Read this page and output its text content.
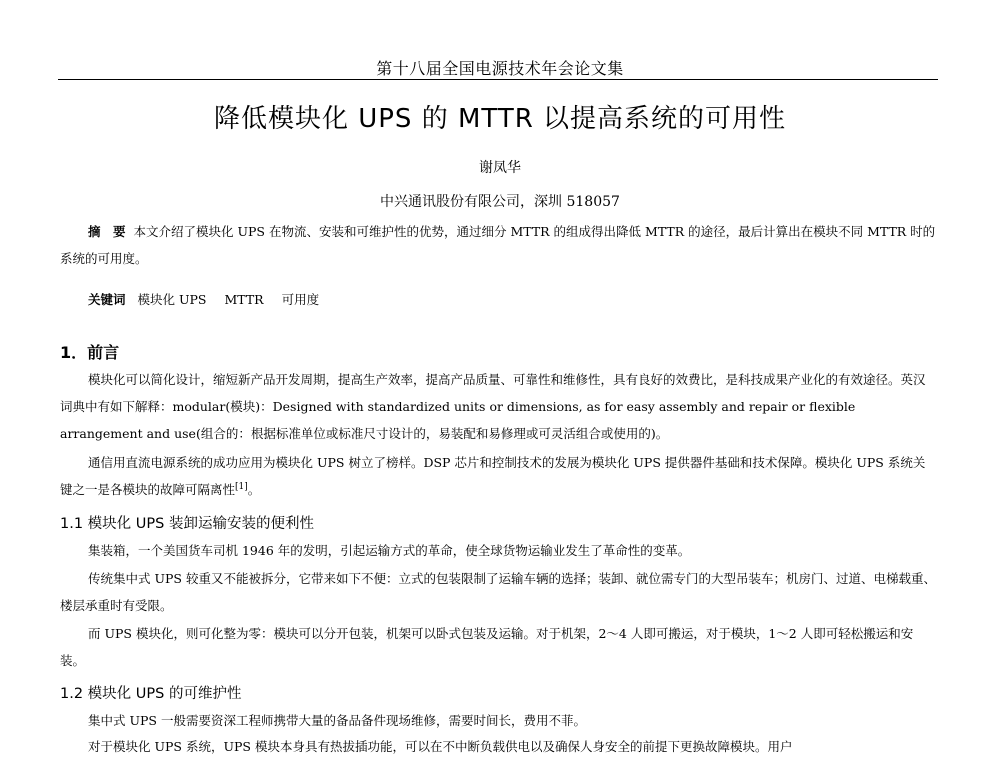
第十八届全国电源技术年会论文集
降低模块化 UPS 的 MTTR 以提高系统的可用性
谢凤华
中兴通讯股份有限公司，深圳 518057

摘　要 本文介绍了模块化 UPS 在物流、安装和可维护性的优势，通过细分 MTTR 的组成得出降低 MTTR 的途径，最后计算出在模块不同 MTTR 时的系统的可用度。

关键词 模块化 UPS MTTR 可用度

1．前言

模块化可以简化设计，缩短新产品开发周期，提高生产效率，提高产品质量、可靠性和维修性，具有良好的效费比，是科技成果产业化的有效途径。英汉词典中有如下解释：modular(模块)：Designed with standardized units or dimensions, as for easy assembly and repair or flexible arrangement and use(组合的：根据标准单位或标准尺寸设计的，易装配和易修理或可灵活组合或使用的)。

通信用直流电源系统的成功应用为模块化 UPS 树立了榜样。DSP 芯片和控制技术的发展为模块化 UPS 提供器件基础和技术保障。模块化 UPS 系统关键之一是各模块的故障可隔离性[1]。

1.1 模块化 UPS 装卸运输安装的便利性

集装箱，一个美国货车司机 1946 年的发明，引起运输方式的革命，使全球货物运输业发生了革命性的变革。

传统集中式 UPS 较重又不能被拆分，它带来如下不便：立式的包装限制了运输车辆的选择；装卸、就位需专门的大型吊装车；机房门、过道、电梯载重、楼层承重时有受限。

而 UPS 模块化，则可化整为零：模块可以分开包装，机架可以卧式包装及运输。对于机架，2～4 人即可搬运，对于模块，1～2 人即可轻松搬运和安装。

1.2 模块化 UPS 的可维护性

集中式 UPS 一般需要资深工程师携带大量的备品备件现场维修，需要时间长，费用不菲。

对于模块化 UPS 系统，UPS 模块本身具有热拔插功能，可以在不中断负载供电以及确保人身安全的前提下更换故障模块。用户
